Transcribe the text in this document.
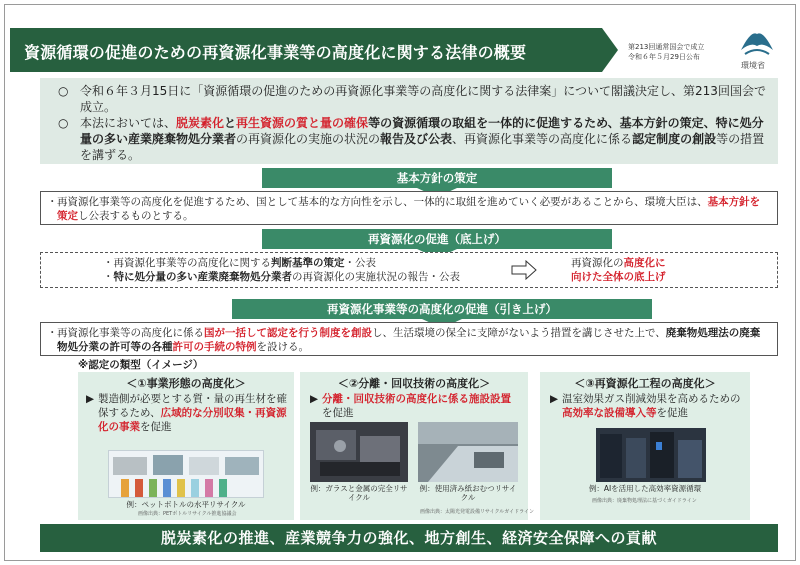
資源循環の促進のための再資源化事業等の高度化に関する法律の概要	第213回通常国会で成立
令和６年５月29日公布
環境省

○ 令和６年３月15日に「資源循環の促進のための再資源化事業等の高度化に関する法律案」について閣議決定し、第213回国会で成立。

○ 本法においては、脱炭素化と再生資源の質と量の確保等の資源循環の取組を一体的に促進するため、基本方針の策定、特に処分量の多い産業廃棄物処分業者の再資源化の実施の状況の報告及び公表、再資源化事業等の高度化に係る認定制度の創設等の措置を講ずる。

基本方針の策定
・ 再資源化事業等の高度化を促進するため、国として基本的な方向性を示し、一体的に取組を進めていく必要があることから、環境大臣は、基本方針を策定し公表するものとする。
再資源化の促進（底上げ）
・再資源化事業等の高度化に関する判断基準の策定・公表
・特に処分量の多い産業廃棄物処分業者の再資源化の実施状況の報告・公表
再資源化の高度化に
向けた全体の底上げ
再資源化事業等の高度化の促進（引き上げ）
・ 再資源化事業等の高度化に係る国が一括して認定を行う制度を創設し、生活環境の保全に支障がないよう措置を講じさせた上で、廃棄物処理法の廃棄物処分業の許可等の各種許可の手続の特例を設ける。
※認定の類型（イメージ）
＜①事業形態の高度化＞
▶ 製造側が必要とする質・量の再生材を確保するため、広域的な分別収集・再資源化の事業を促進
例：ペットボトルの水平リサイクル
画像出典：PETボトルリサイクル推進協議会
＜②分離・回収技術の高度化＞
▶ 分離・回収技術の高度化に係る施設設置を促進
例：ガラスと金属の完全リサイクル
例：使用済み紙おむつリサイクル
画像出典：太陽光発電設備リサイクルガイドライン
＜③再資源化工程の高度化＞
▶ 温室効果ガス削減効果を高めるための高効率な設備導入等を促進
例：AIを活用した高効率資源循環
画像出典：廃棄物処理法に基づくガイドライン
脱炭素化の推進、産業競争力の強化、地方創生、経済安全保障への貢献
